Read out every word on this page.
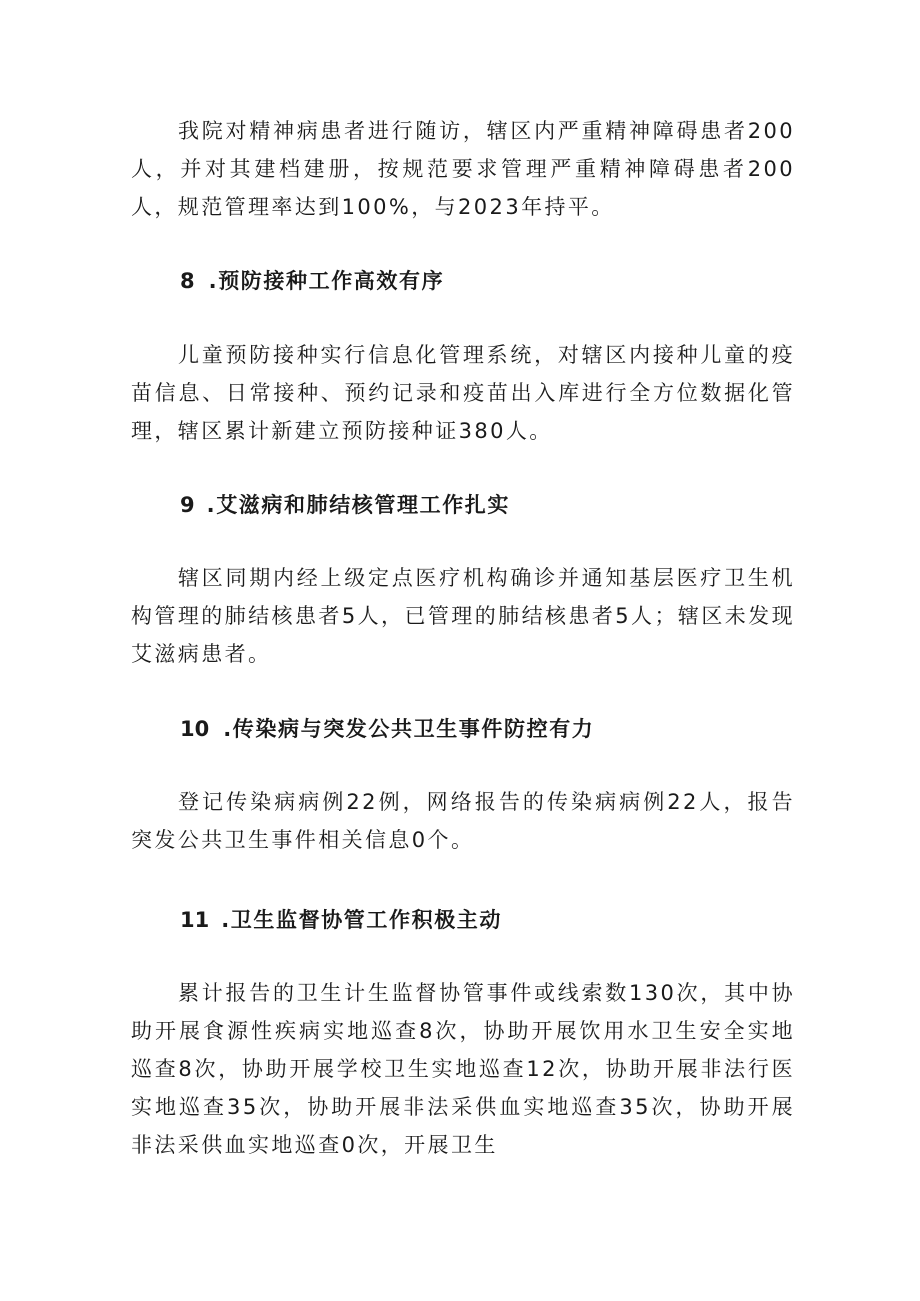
我院对精神病患者进行随访，辖区内严重精神障碍患者200人，并对其建档建册，按规范要求管理严重精神障碍患者200人，规范管理率达到100%，与2023年持平。

8 .预防接种工作高效有序

儿童预防接种实行信息化管理系统，对辖区内接种儿童的疫苗信息、日常接种、预约记录和疫苗出入库进行全方位数据化管理，辖区累计新建立预防接种证380人。

9 .艾滋病和肺结核管理工作扎实

辖区同期内经上级定点医疗机构确诊并通知基层医疗卫生机构管理的肺结核患者5人，已管理的肺结核患者5人；辖区未发现艾滋病患者。

10 .传染病与突发公共卫生事件防控有力

登记传染病病例22例，网络报告的传染病病例22人，报告突发公共卫生事件相关信息0个。

11 .卫生监督协管工作积极主动

累计报告的卫生计生监督协管事件或线索数130次，其中协助开展食源性疾病实地巡查8次，协助开展饮用水卫生安全实地巡查8次，协助开展学校卫生实地巡查12次，协助开展非法行医实地巡查35次，协助开展非法采供血实地巡查35次，协助开展非法采供血实地巡查0次，开展卫生
